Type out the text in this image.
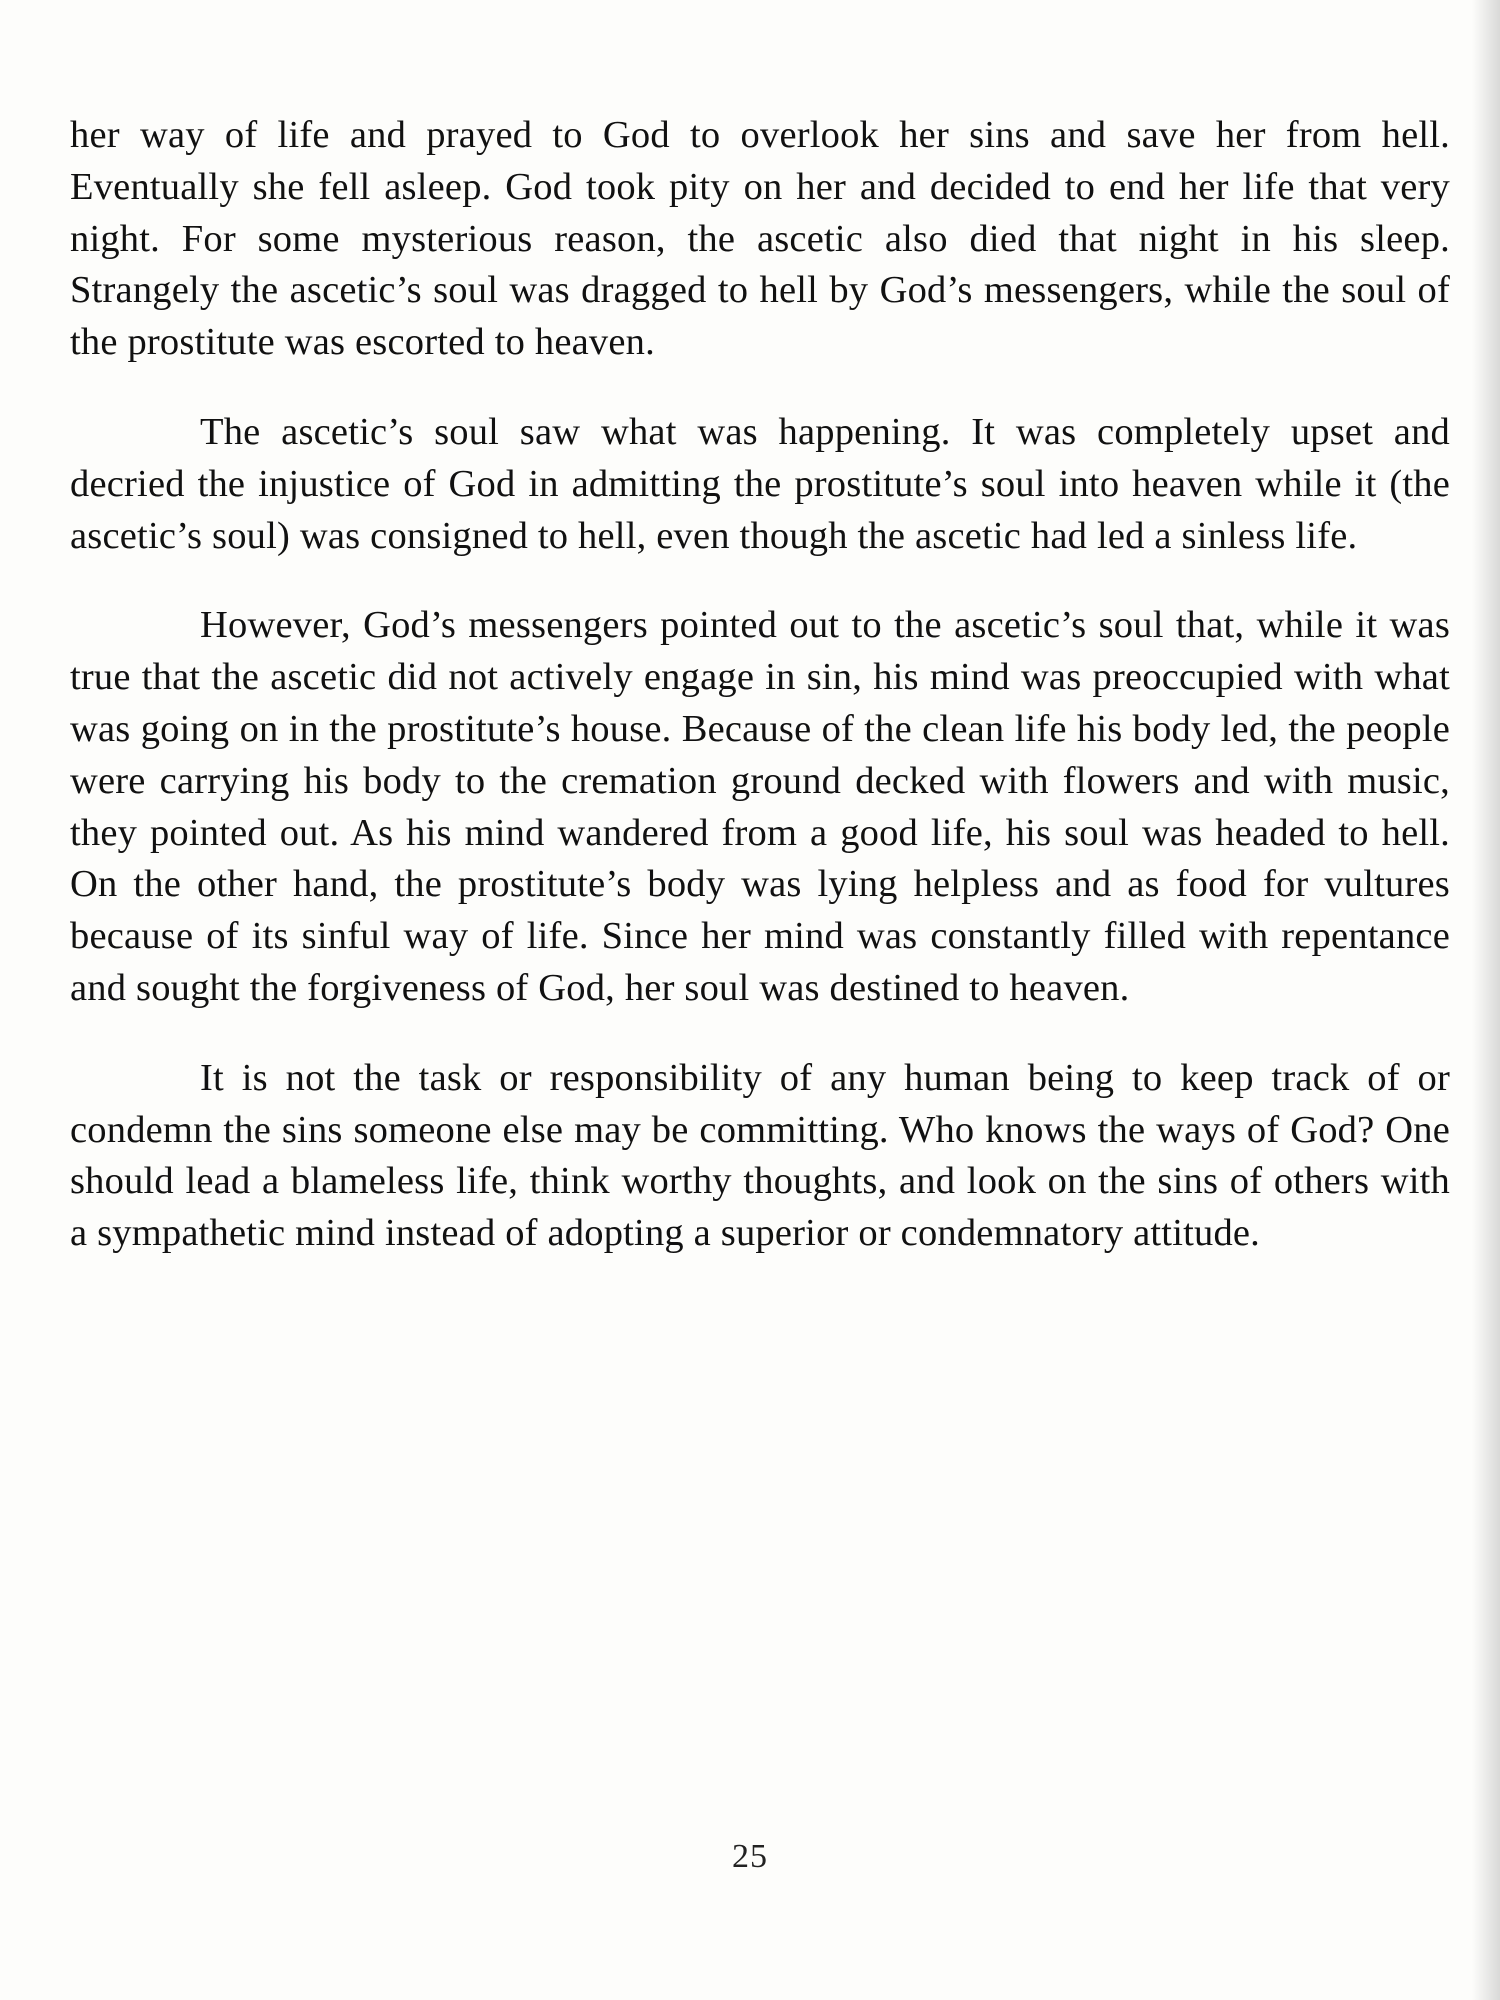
her way of life and prayed to God to overlook her sins and save her from hell. Eventually she fell asleep. God took pity on her and decided to end her life that very night. For some mysterious reason, the ascetic also died that night in his sleep. Strangely the ascetic’s soul was dragged to hell by God’s messengers, while the soul of the prostitute was escorted to heaven.

The ascetic’s soul saw what was happening. It was completely upset and decried the injustice of God in admitting the prostitute’s soul into heaven while it (the ascetic’s soul) was consigned to hell, even though the ascetic had led a sinless life.

However, God’s messengers pointed out to the ascetic’s soul that, while it was true that the ascetic did not actively engage in sin, his mind was preoccupied with what was going on in the prostitute’s house. Because of the clean life his body led, the people were carrying his body to the cremation ground decked with flowers and with music, they pointed out. As his mind wandered from a good life, his soul was headed to hell. On the other hand, the prostitute’s body was lying helpless and as food for vultures because of its sinful way of life. Since her mind was constantly filled with repentance and sought the forgiveness of God, her soul was destined to heaven.

It is not the task or responsibility of any human being to keep track of or condemn the sins someone else may be committing. Who knows the ways of God? One should lead a blameless life, think worthy thoughts, and look on the sins of others with a sympathetic mind instead of adopting a superior or condemnatory attitude.

25
